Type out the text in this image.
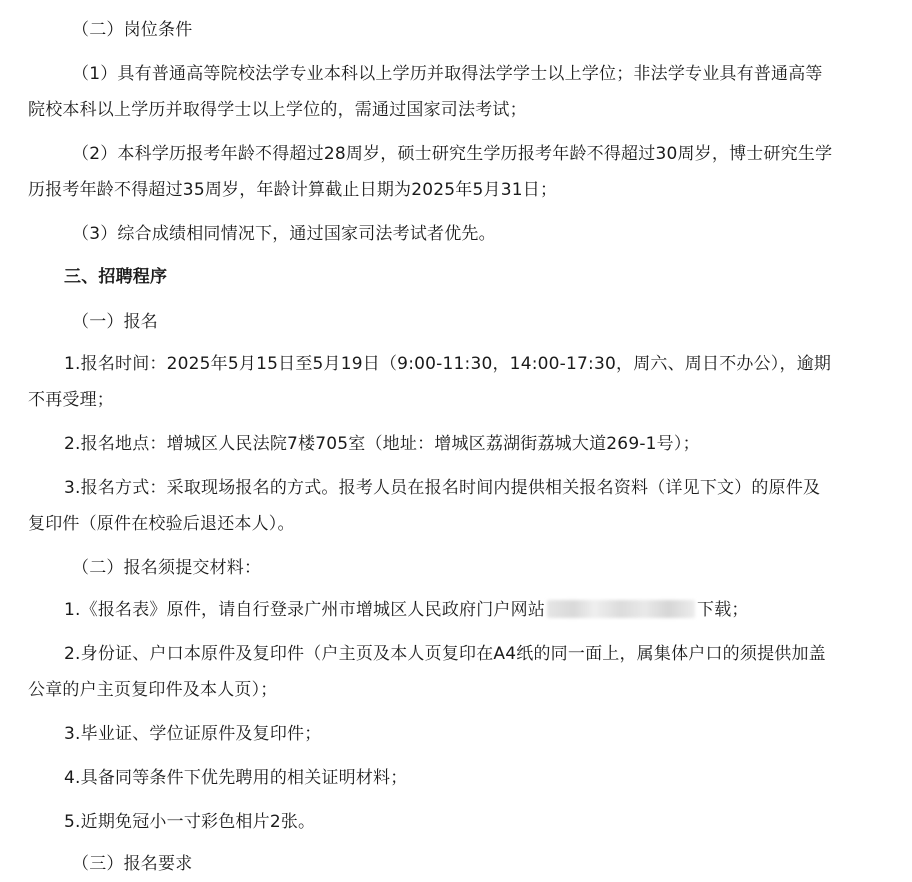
（二）岗位条件
（1）具有普通高等院校法学专业本科以上学历并取得法学学士以上学位；非法学专业具有普通高等
院校本科以上学历并取得学士以上学位的，需通过国家司法考试；
（2）本科学历报考年龄不得超过28周岁，硕士研究生学历报考年龄不得超过30周岁，博士研究生学
历报考年龄不得超过35周岁，年龄计算截止日期为2025年5月31日；
（3）综合成绩相同情况下，通过国家司法考试者优先。
三、招聘程序
（一）报名
1.报名时间：2025年5月15日至5月19日（9:00-11:30，14:00-17:30，周六、周日不办公），逾期
不再受理；
2.报名地点：增城区人民法院7楼705室（地址：增城区荔湖街荔城大道269-1号）；
3.报名方式：采取现场报名的方式。报考人员在报名时间内提供相关报名资料（详见下文）的原件及
复印件（原件在校验后退还本人）。
（二）报名须提交材料：
1.《报名表》原件，请自行登录广州市增城区人民政府门户网站	下载；
2.身份证、户口本原件及复印件（户主页及本人页复印在A4纸的同一面上，属集体户口的须提供加盖
公章的户主页复印件及本人页）；
3.毕业证、学位证原件及复印件；
4.具备同等条件下优先聘用的相关证明材料；
5.近期免冠小一寸彩色相片2张。
（三）报名要求
